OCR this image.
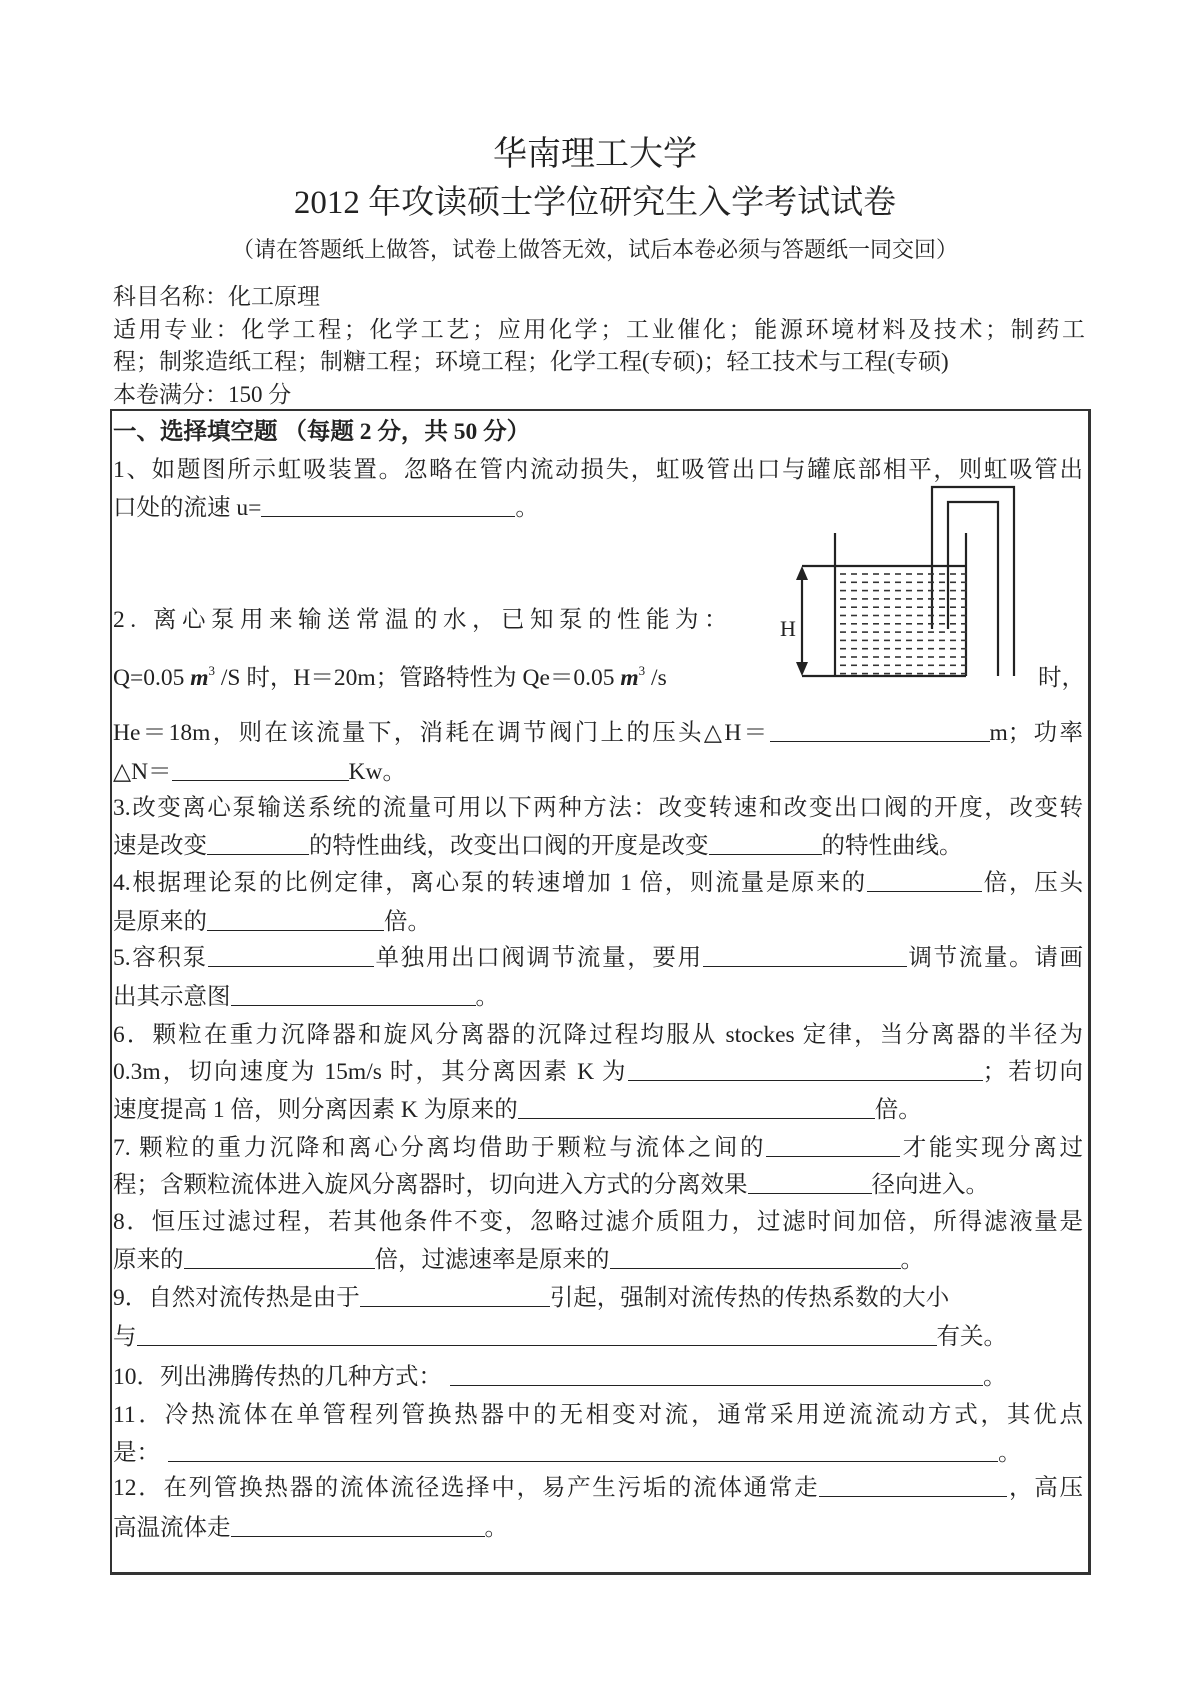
华南理工大学
2012 年攻读硕士学位研究生入学考试试卷
（请在答题纸上做答，试卷上做答无效，试后本卷必须与答题纸一同交回）
科目名称：化工原理
适用专业：化学工程；化学工艺；应用化学；工业催化；能源环境材料及技术；制药工
程；制浆造纸工程；制糖工程；环境工程；化学工程(专硕)；轻工技术与工程(专硕)
本卷满分：150 分
一、选择填空题 （每题 2 分，共 50 分）
1、如题图所示虹吸装置。忽略在管内流动损失，虹吸管出口与罐底部相平，则虹吸管出
口处的流速 u=	。
H
2. 离心泵用来输送常温的水，已知泵的性能为：
Q=0.05 $m^3$ /S 时，H＝20m；管路特性为 Qe＝0.05 $m^3$ /s	时，
He＝18m，则在该流量下，消耗在调节阀门上的压头△H＝	m；功率
△N＝	Kw。
3.改变离心泵输送系统的流量可用以下两种方法：改变转速和改变出口阀的开度，改变转
速是改变	的特性曲线，改变出口阀的开度是改变	的特性曲线。
4.根据理论泵的比例定律，离心泵的转速增加 1 倍，则流量是原来的	倍，压头
是原来的	倍。
5.容积泵	单独用出口阀调节流量，要用	调节流量。请画
出其示意图	。
6．颗粒在重力沉降器和旋风分离器的沉降过程均服从 stockes 定律，当分离器的半径为
0.3m，切向速度为 15m/s 时，其分离因素 K 为	；若切向
速度提高 1 倍，则分离因素 K 为原来的	倍。
7. 颗粒的重力沉降和离心分离均借助于颗粒与流体之间的	才能实现分离过
程；含颗粒流体进入旋风分离器时，切向进入方式的分离效果	径向进入。
8．恒压过滤过程，若其他条件不变，忽略过滤介质阻力，过滤时间加倍，所得滤液量是
原来的	倍，过滤速率是原来的	。
9．自然对流传热是由于	引起，强制对流传热的传热系数的大小
与	有关。
10．列出沸腾传热的几种方式：	。
11．冷热流体在单管程列管换热器中的无相变对流，通常采用逆流流动方式，其优点
是：	。
12．在列管换热器的流体流径选择中，易产生污垢的流体通常走	，高压
高温流体走	。
